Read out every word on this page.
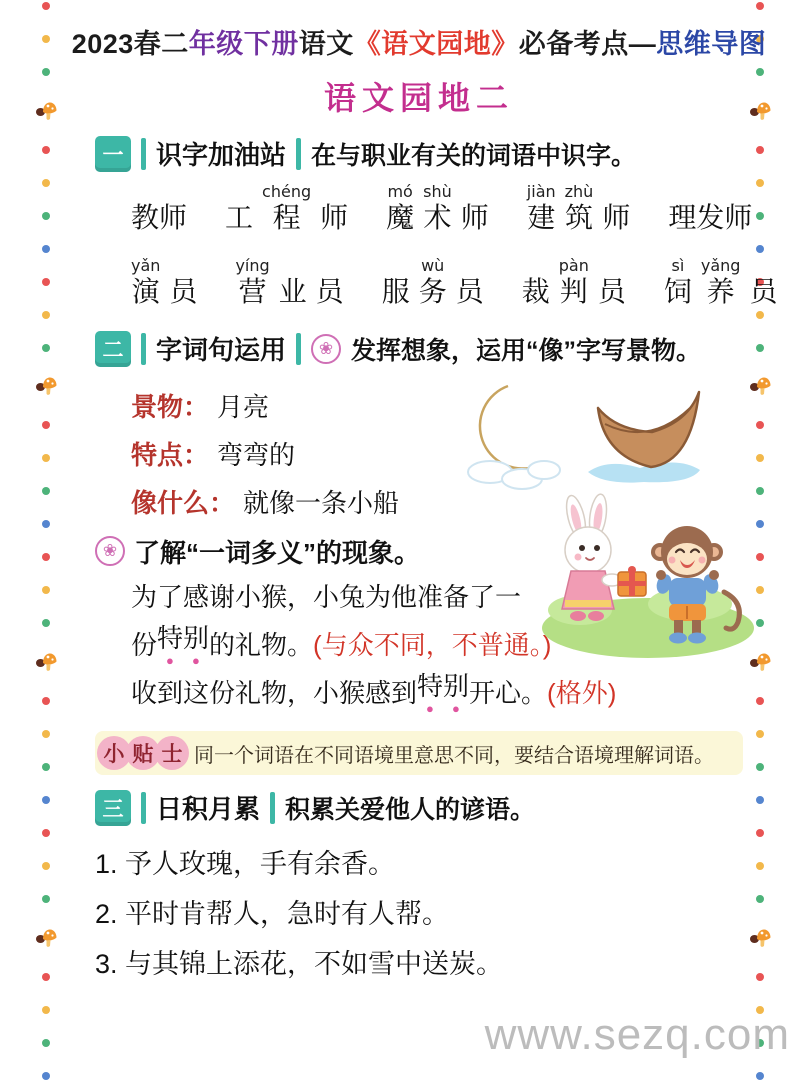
2023春二 年级下册 语文 《语文园地》 必备考点— 思维导图
语文园地二
一 识字加油站 在与职业有关的词语中识字。
教 师 工
chéng
程 师
mó
魔
shù
术 师
jiàn
建
zhù
筑 师 理 发 师
yǎn
演 员
yíng
营 业 员 服
wù
务 员 裁
pàn
判 员
sì
饲
yǎng
养 员
二 字词句运用	❀ 发挥想象，运用“像”字写景物。
景物： 月亮
特点： 弯弯的
像什么： 就像一条小船
❀ 了解“一词多义”的现象。
为了感谢小猴，小兔为他准备了一
份 特别 的礼物。 (与众不同，不普通。)
收到这份礼物，小猴感到 特别 开心。 (格外)
小 贴 士 同一个词语在不同语境里意思不同，要结合语境理解词语。
三 日积月累 积累关爱他人的谚语。
1. 予人玫瑰，手有余香。
2. 平时肯帮人，急时有人帮。
3. 与其锦上添花，不如雪中送炭。
www.sezq.com
